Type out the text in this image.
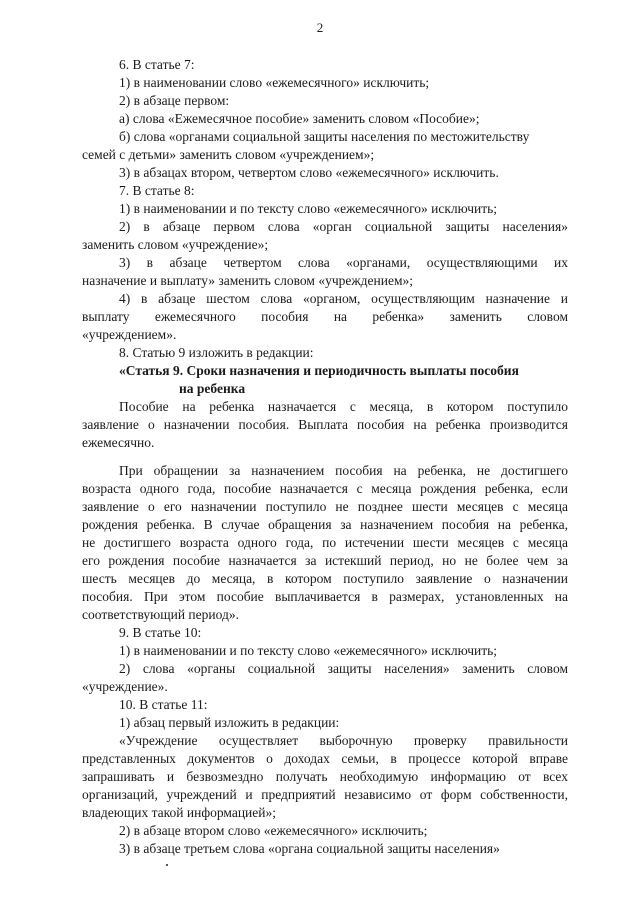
2
6. В статье 7:
1) в наименовании слово «ежемесячного» исключить;
2) в абзаце первом:
а) слова «Ежемесячное пособие» заменить словом «Пособие»;
б) слова «органами социальной защиты населения по местожительству
семей с детьми» заменить словом «учреждением»;
3) в абзацах втором, четвертом слово «ежемесячного» исключить.
7. В статье 8:
1) в наименовании и по тексту слово «ежемесячного» исключить;
2) в абзаце первом слова «орган социальной защиты населения»
заменить словом «учреждение»;
3) в абзаце четвертом слова «органами, осуществляющими их
назначение и выплату» заменить словом «учреждением»;
4) в абзаце шестом слова «органом, осуществляющим назначение и
выплату ежемесячного пособия на ребенка» заменить словом
«учреждением».
8. Статью 9 изложить в редакции:
«Статья 9. Сроки назначения и периодичность выплаты пособия
на ребенка
Пособие на ребенка назначается с месяца, в котором поступило
заявление о назначении пособия. Выплата пособия на ребенка производится
ежемесячно.
При обращении за назначением пособия на ребенка, не достигшего
возраста одного года, пособие назначается с месяца рождения ребенка, если
заявление о его назначении поступило не позднее шести месяцев с месяца
рождения ребенка. В случае обращения за назначением пособия на ребенка,
не достигшего возраста одного года, по истечении шести месяцев с месяца
его рождения пособие назначается за истекший период, но не более чем за
шесть месяцев до месяца, в котором поступило заявление о назначении
пособия. При этом пособие выплачивается в размерах, установленных на
соответствующий период».
9. В статье 10:
1) в наименовании и по тексту слово «ежемесячного» исключить;
2) слова «органы социальной защиты населения» заменить словом
«учреждение».
10. В статье 11:
1) абзац первый изложить в редакции:
«Учреждение осуществляет выборочную проверку правильности
представленных документов о доходах семьи, в процессе которой вправе
запрашивать и безвозмездно получать необходимую информацию от всех
организаций, учреждений и предприятий независимо от форм собственности,
владеющих такой информацией»;
2) в абзаце втором слово «ежемесячного» исключить;
3) в абзаце третьем слова «органа социальной защиты населения»
